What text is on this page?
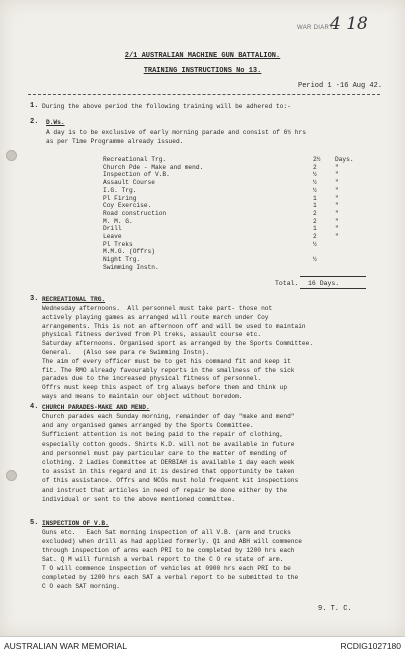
WAR DIARY
4 18
2/1 AUSTRALIAN MACHINE GUN BATTALION.
TRAINING INSTRUCTIONS No 13.
Period 1 -16 Aug 42.
1. During the above period the following training will be adhered to:-
2. D.Ws.
A day is to be exclusive of early morning parade and consist of 6½ hrs
as per Time Programme already issued.
Recreational Trg.	2½ Days.
Church Pde - Make and mend.	2	"
Inspection of V.B.	½	"
Assault Course	½	"
I.G. Trg.	½	"
Pl Firing	1	"
Coy Exercise.	1	"
Road construction	2	"
M. M. G.	2	"
Drill	1	"
Leave	2	"
Pl Treks	½
M.M.G. (Offrs)
Night Trg.	½
Swimming Instn.
Total. 16 Days.
3. RECREATIONAL TRG.
Wednesday afternoons.  All personnel must take part- those not
actively playing games as arranged will route march under Coy
arrangements. This is not an afternoon off and will be used to maintain
physical fitness derived from Pl treks, assault course etc.
Saturday afternoons. Organised sport as arranged by the Sports Committee.
General.   (Also see para re Swimming Instn).
The aim of every officer must be to get his command fit and keep it
fit. The RMO already favourably reports in the smallness of the sick
parades due to the increased physical fitness of personnel.
Offrs must keep this aspect of trg always before them and think up
ways and means to maintain our object without boredom.
4. CHURCH PARADES-MAKE AND MEND.
Church parades each Sunday morning, remainder of day "make and mend"
and any organised games arranged by the Sports Committee.
Sufficient attention is not being paid to the repair of clothing,
especially cotton goods. Shirts K.D. will not be available in future
and personnel must pay particular care to the matter of mending of
clothing. 2 Ladies Committee at DERBIAH is available 1 day each week
to assist in this regard and it is desired that opportunity be taken
of this assistance. Offrs and NCOs must hold frequent kit inspections
and instruct that articles in need of repair be done either by the
individual or sent to the above mentioned committee.
5. INSPECTION OF V.B.
Guns etc.   Each Sat morning inspection of all V.B. (arm and trucks
excluded) when drill as had applied formerly. Q1 and ABH will commence
through inspection of arms each PRI to be completed by 1200 hrs each
Sat. Q M will furnish a verbal report to the C O re state of arm.
T O will commence inspection of vehicles at 0900 hrs each PRI to be
completed by 1200 hrs each SAT a verbal report to be submitted to the
C O each SAT morning.
9. T. C.
AUSTRALIAN WAR MEMORIAL	RCDIG1027180
